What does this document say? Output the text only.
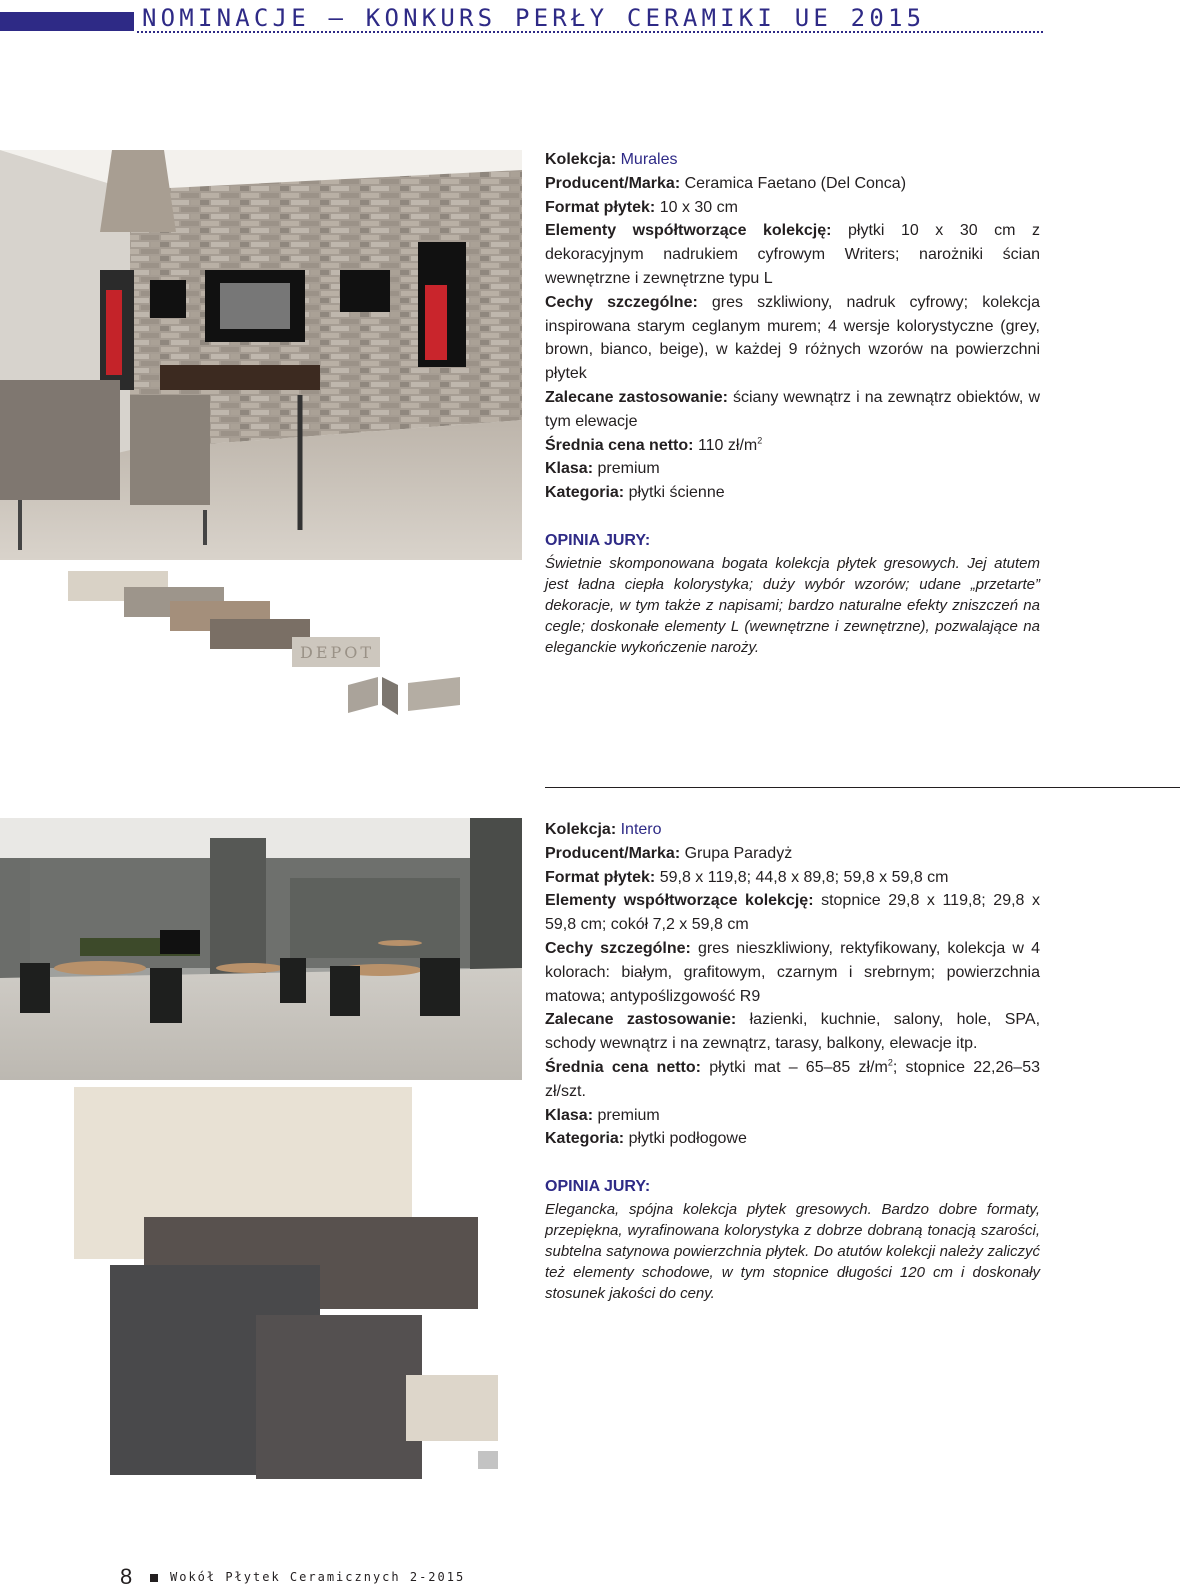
NOMINACJE – KONKURS PERŁY CERAMIKI UE 2015
DEPOT

Kolekcja: Murales

Producent/Marka: Ceramica Faetano (Del Conca)

Format płytek: 10 x 30 cm

Elementy współtworzące kolekcję: płytki 10 x 30 cm z dekoracyjnym nadrukiem cyfrowym Writers; narożniki ścian wewnętrzne i zewnętrzne typu L

Cechy szczególne: gres szkliwiony, nadruk cyfrowy; kolekcja inspirowana starym ceglanym murem; 4 wersje kolorystyczne (grey, brown, bianco, beige), w każdej 9 różnych wzorów na powierzchni płytek

Zalecane zastosowanie: ściany wewnątrz i na zewnątrz obiektów, w tym elewacje

Średnia cena netto: 110 $zł/m^2$

Klasa: premium

Kategoria: płytki ścienne

OPINIA JURY:

Świetnie skomponowana bogata kolekcja płytek gresowych. Jej atutem jest ładna ciepła kolorystyka; duży wybór wzorów; udane „przetarte” dekoracje, w tym także z napisami; bardzo naturalne efekty zniszczeń na cegle; doskonałe elementy L (wewnętrzne i zewnętrzne), pozwalające na eleganckie wykończenie naroży.

Kolekcja: Intero

Producent/Marka: Grupa Paradyż

Format płytek: 59,8 x 119,8; 44,8 x 89,8; 59,8 x 59,8 cm

Elementy współtworzące kolekcję: stopnice 29,8 x 119,8; 29,8 x 59,8 cm; cokół 7,2 x 59,8 cm

Cechy szczególne: gres nieszkliwiony, rektyfikowany, kolekcja w 4 kolorach: białym, grafitowym, czarnym i srebrnym; powierzchnia matowa; antypoślizgowość R9

Zalecane zastosowanie: łazienki, kuchnie, salony, hole, SPA, schody wewnątrz i na zewnątrz, tarasy, balkony, elewacje itp.

Średnia cena netto: płytki mat – 65–85 $zł/m^2$; stopnice 22,26–53 zł/szt.

Klasa: premium

Kategoria: płytki podłogowe

OPINIA JURY:

Elegancka, spójna kolekcja płytek gresowych. Bardzo dobre formaty, przepiękna, wyrafinowana kolorystyka z dobrze dobraną tonacją szarości, subtelna satynowa powierzchnia płytek. Do atutów kolekcji należy zaliczyć też elementy schodowe, w tym stopnice długości 120 cm i doskonały stosunek jakości do ceny.

8	Wokół Płytek Ceramicznych 2-2015
